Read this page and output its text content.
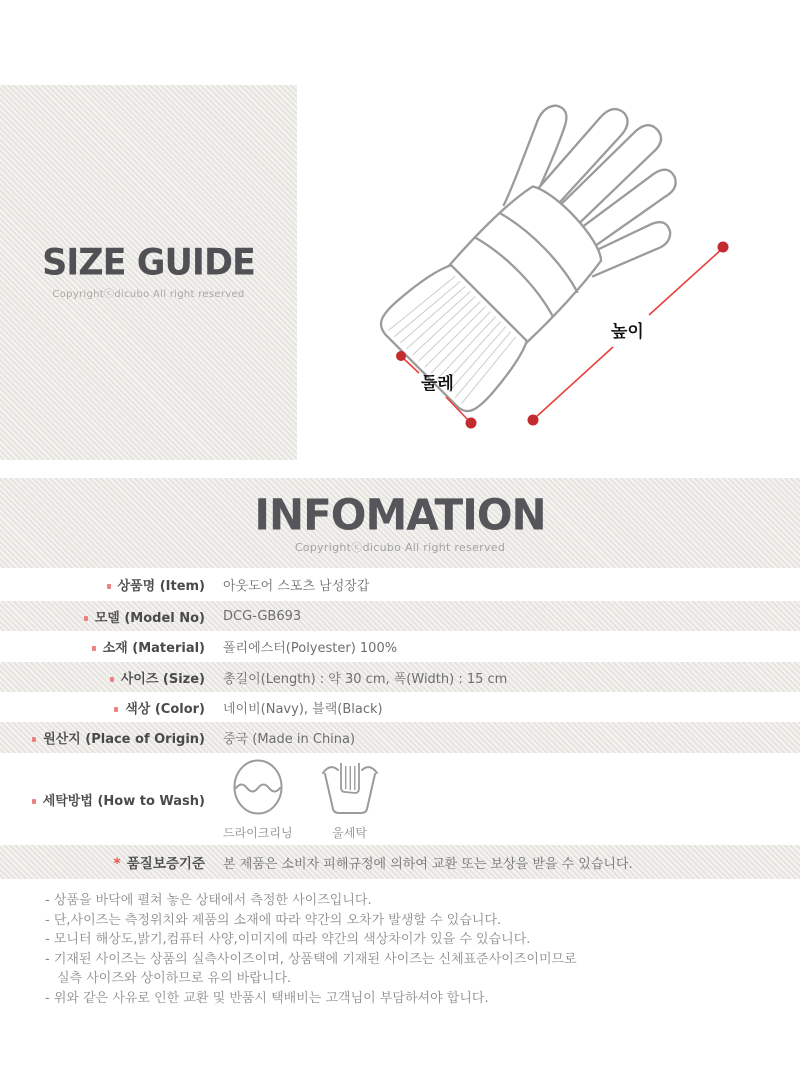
SIZE GUIDE
Copyrightⓒdicubo All right reserved
높이
둘레
INFOMATION
Copyrightⓒdicubo All right reserved
상품명 (Item)	아웃도어 스포츠 남성장갑
모델 (Model No)	DCG-GB693
소재 (Material)	폴리에스터(Polyester) 100%
사이즈 (Size)	총길이(Length) : 약 30 cm, 폭(Width) : 15 cm
색상 (Color)	네이비(Navy), 블랙(Black)
원산지 (Place of Origin)	중국 (Made in China)
세탁방법 (How to Wash)
드라이크리닝	울세탁
* 품질보증기준	본 제품은 소비자 피해규정에 의하여 교환 또는 보상을 받을 수 있습니다.
- 상품을 바닥에 펼쳐 놓은 상태에서 측정한 사이즈입니다.
- 단,사이즈는 측정위치와 제품의 소재에 따라 약간의 오차가 발생할 수 있습니다.
- 모니터 해상도,밝기,컴퓨터 사양,이미지에 따라 약간의 색상차이가 있을 수 있습니다.
- 기재된 사이즈는 상품의 실측사이즈이며, 상품택에 기재된 사이즈는 신체표준사이즈이미므로
실측 사이즈와 상이하므로 유의 바랍니다.
- 위와 같은 사유로 인한 교환 및 반품시 택배비는 고객님이 부담하셔야 합니다.
